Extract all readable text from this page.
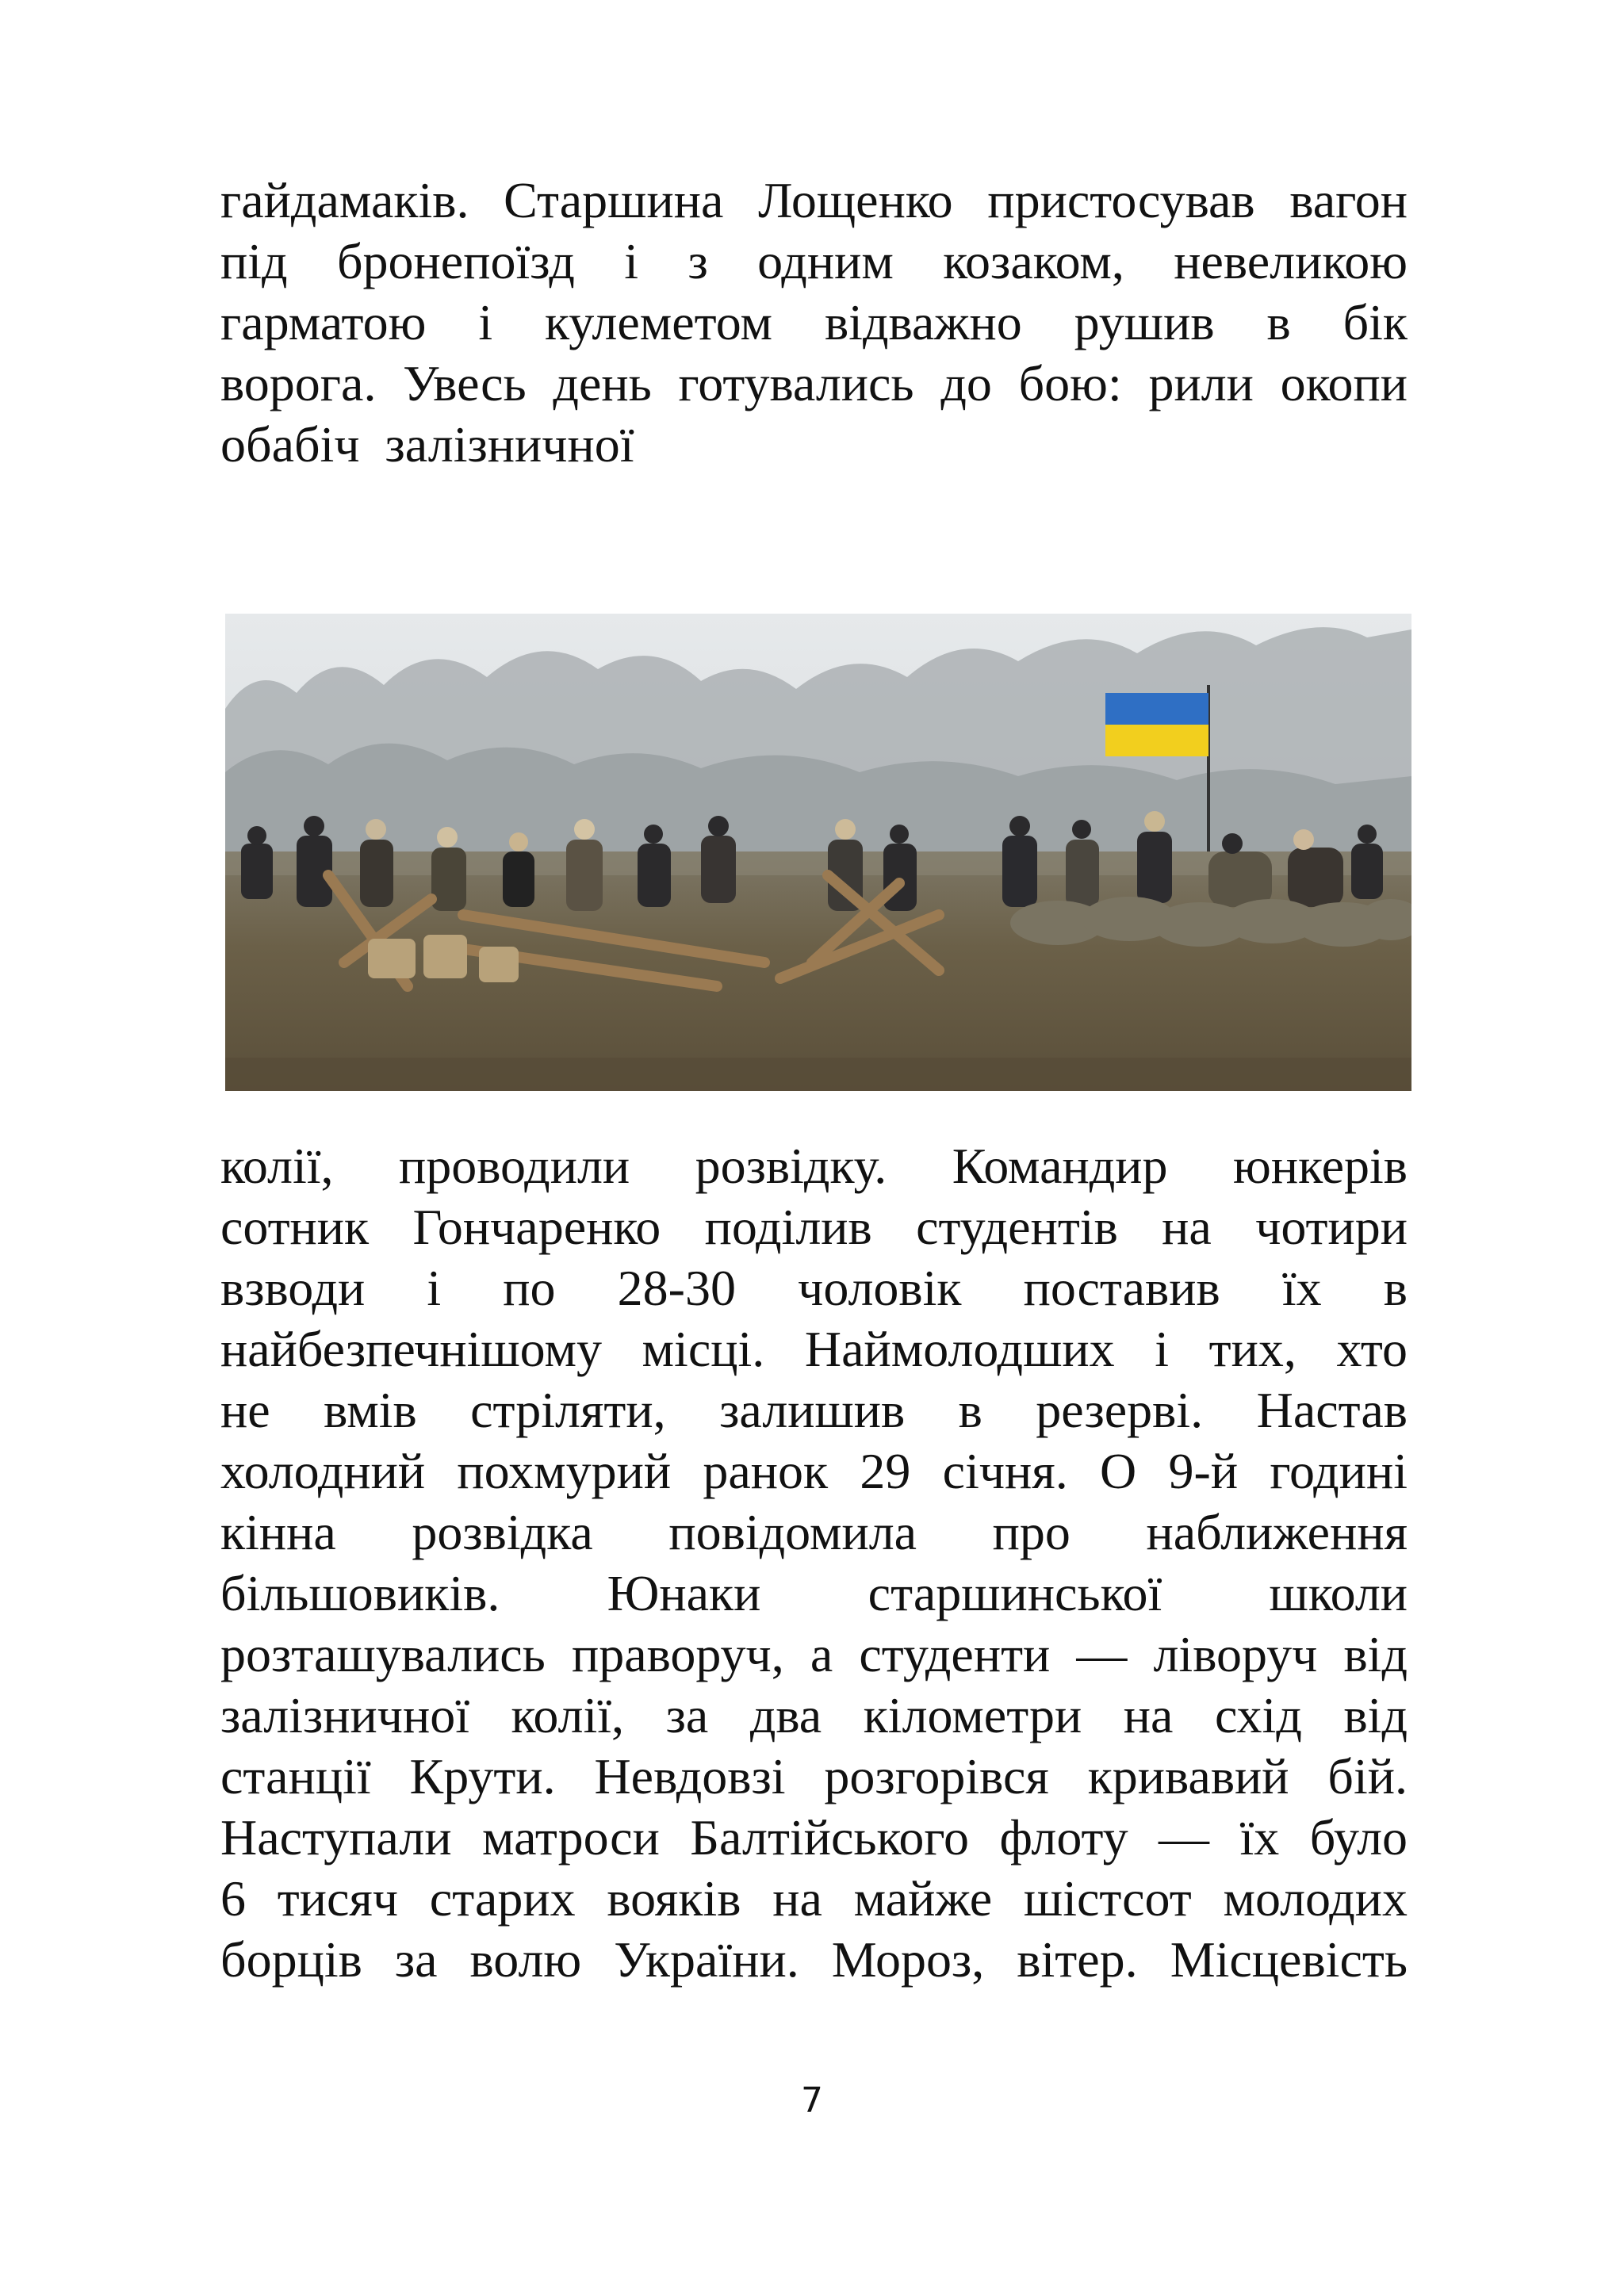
гайдамаків. Старшина Лощенко пристосував вагон
під бронепоїзд і з одним козаком, невеликою
гарматою і кулеметом відважно рушив в бік
ворога. Увесь день готувались до бою: рили окопи
обабіч  залізничної
колії, проводили розвідку. Командир юнкерів
сотник Гончаренко поділив студентів на чотири
взводи і по 28-30 чоловік поставив їх в
найбезпечнішому місці. Наймолодших і тих, хто
не вмів стріляти, залишив в резерві. Настав
холодний похмурий ранок 29 січня. О 9-й годині
кінна розвідка повідомила про наближення
більшовиків. Юнаки старшинської школи
розташувались праворуч, а студенти — ліворуч від
залізничної колії, за два кілометри на схід від
станції Крути. Невдовзі розгорівся кривавий бій.
Наступали матроси Балтійського флоту — їх було
6 тисяч старих вояків на майже шістсот молодих
борців за волю України. Мороз, вітер. Місцевість
7
